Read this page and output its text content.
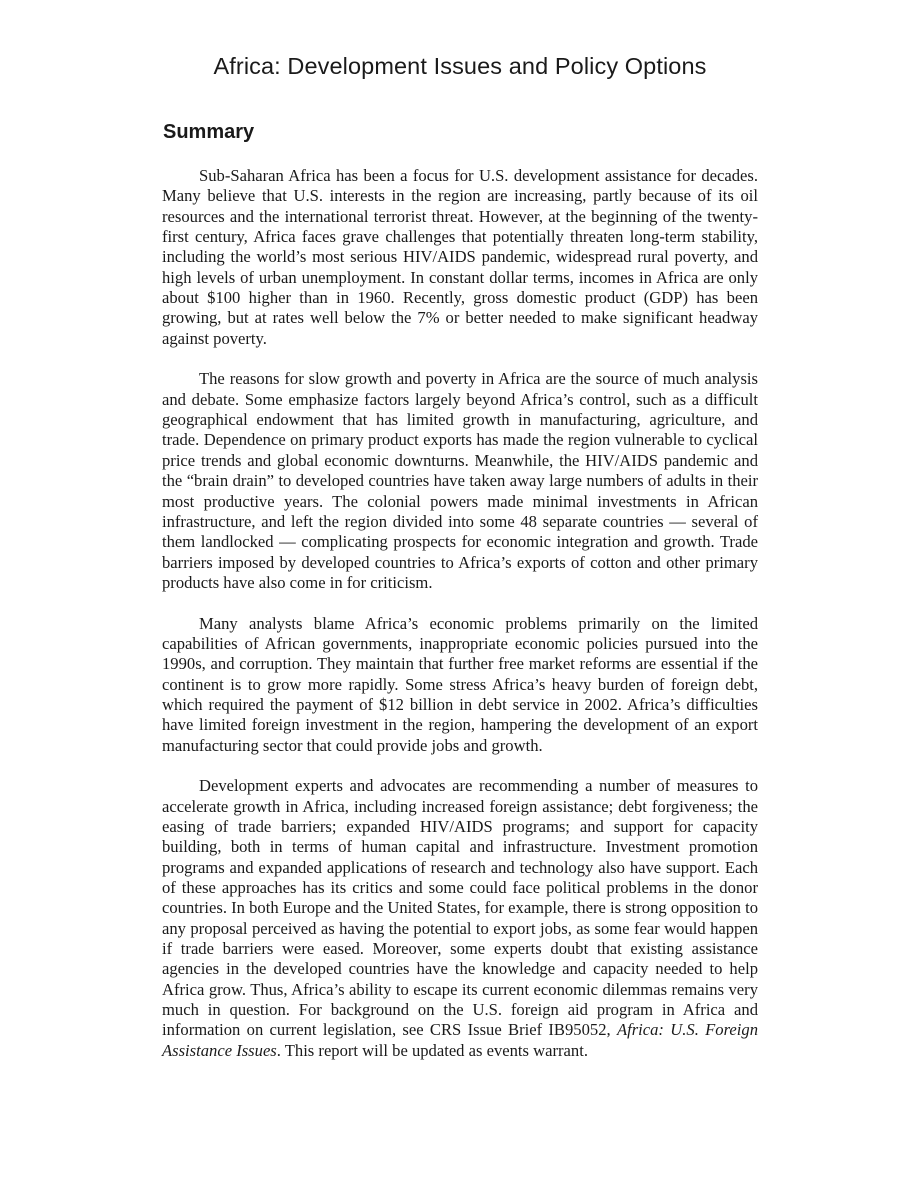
Africa: Development Issues and Policy Options
Summary

Sub-Saharan Africa has been a focus for U.S. development assistance for decades. Many believe that U.S. interests in the region are increasing, partly because of its oil resources and the international terrorist threat. However, at the beginning of the twenty-first century, Africa faces grave challenges that potentially threaten long-term stability, including the world’s most serious HIV/AIDS pandemic, widespread rural poverty, and high levels of urban unemployment. In constant dollar terms, incomes in Africa are only about $100 higher than in 1960. Recently, gross domestic product (GDP) has been growing, but at rates well below the 7% or better needed to make significant headway against poverty.

The reasons for slow growth and poverty in Africa are the source of much analysis and debate. Some emphasize factors largely beyond Africa’s control, such as a difficult geographical endowment that has limited growth in manufacturing, agriculture, and trade. Dependence on primary product exports has made the region vulnerable to cyclical price trends and global economic downturns. Meanwhile, the HIV/AIDS pandemic and the “brain drain” to developed countries have taken away large numbers of adults in their most productive years. The colonial powers made minimal investments in African infrastructure, and left the region divided into some 48 separate countries — several of them landlocked — complicating prospects for economic integration and growth. Trade barriers imposed by developed countries to Africa’s exports of cotton and other primary products have also come in for criticism.

Many analysts blame Africa’s economic problems primarily on the limited capabilities of African governments, inappropriate economic policies pursued into the 1990s, and corruption. They maintain that further free market reforms are essential if the continent is to grow more rapidly. Some stress Africa’s heavy burden of foreign debt, which required the payment of $12 billion in debt service in 2002. Africa’s difficulties have limited foreign investment in the region, hampering the development of an export manufacturing sector that could provide jobs and growth.

Development experts and advocates are recommending a number of measures to accelerate growth in Africa, including increased foreign assistance; debt forgiveness; the easing of trade barriers; expanded HIV/AIDS programs; and support for capacity building, both in terms of human capital and infrastructure. Investment promotion programs and expanded applications of research and technology also have support. Each of these approaches has its critics and some could face political problems in the donor countries. In both Europe and the United States, for example, there is strong opposition to any proposal perceived as having the potential to export jobs, as some fear would happen if trade barriers were eased. Moreover, some experts doubt that existing assistance agencies in the developed countries have the knowledge and capacity needed to help Africa grow. Thus, Africa’s ability to escape its current economic dilemmas remains very much in question. For background on the U.S. foreign aid program in Africa and information on current legislation, see CRS Issue Brief IB95052, Africa: U.S. Foreign Assistance Issues. This report will be updated as events warrant.
